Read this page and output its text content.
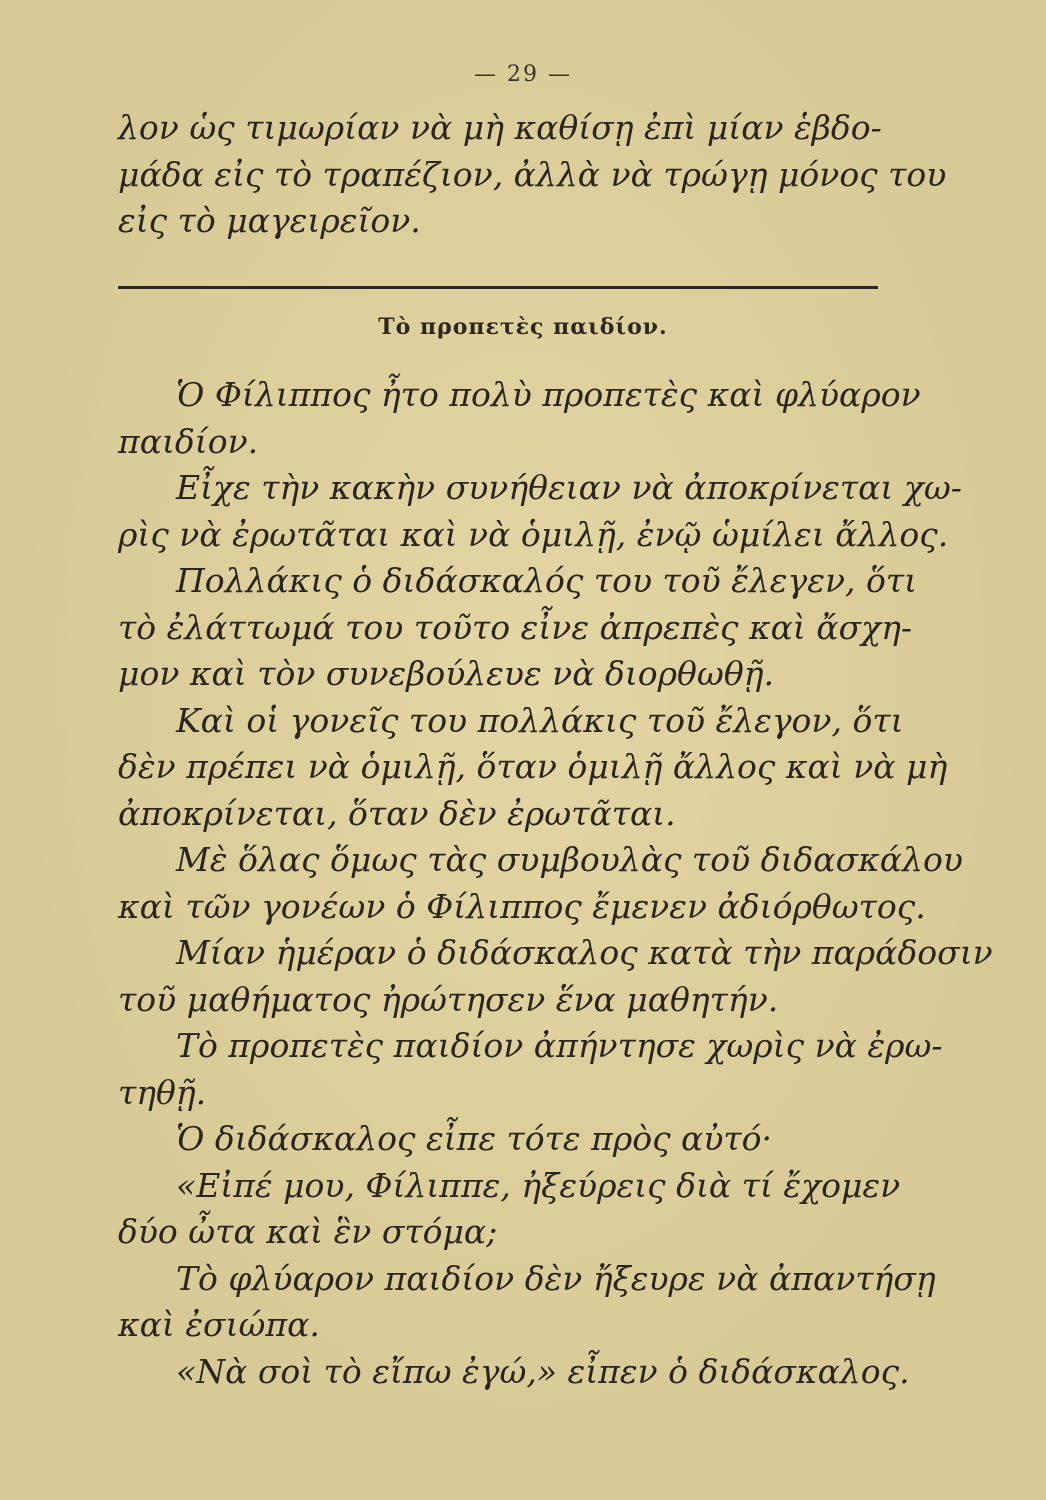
— 29 —
λον ὡς τιμωρίαν νὰ μὴ καθίσῃ ἐπὶ μίαν ἑβδο-
μάδα εἰς τὸ τραπέζιον, ἀλλὰ νὰ τρώγῃ μόνος του
εἰς τὸ μαγειρεῖον.
Τὸ προπετὲς παιδίον.
Ὁ Φίλιππος ἦτο πολὺ προπετὲς καὶ φλύαρον
παιδίον.
Εἶχε τὴν κακὴν συνήθειαν νὰ ἀποκρίνεται χω-
ρὶς νὰ ἐρωτᾶται καὶ νὰ ὁμιλῇ, ἐνῷ ὡμίλει ἄλλος.
Πολλάκις ὁ διδάσκαλός του τοῦ ἔλεγεν, ὅτι
τὸ ἐλάττωμά του τοῦτο εἶνε ἀπρεπὲς καὶ ἄσχη-
μον καὶ τὸν συνεβούλευε νὰ διορθωθῇ.
Καὶ οἱ γονεῖς του πολλάκις τοῦ ἔλεγον, ὅτι
δὲν πρέπει νὰ ὁμιλῇ, ὅταν ὁμιλῇ ἄλλος καὶ νὰ μὴ
ἀποκρίνεται, ὅταν δὲν ἐρωτᾶται.
Μὲ ὅλας ὅμως τὰς συμβουλὰς τοῦ διδασκάλου
καὶ τῶν γονέων ὁ Φίλιππος ἔμενεν ἀδιόρθωτος.
Μίαν ἡμέραν ὁ διδάσκαλος κατὰ τὴν παράδοσιν
τοῦ μαθήματος ἠρώτησεν ἕνα μαθητήν.
Τὸ προπετὲς παιδίον ἀπήντησε χωρὶς νὰ ἐρω-
τηθῇ.
Ὁ διδάσκαλος εἶπε τότε πρὸς αὐτό·
«Εἰπέ μου, Φίλιππε, ἠξεύρεις διὰ τί ἔχομεν
δύο ὦτα καὶ ἓν στόμα;
Τὸ φλύαρον παιδίον δὲν ἤξευρε νὰ ἀπαντήσῃ
καὶ ἐσιώπα.
«Νὰ σοὶ τὸ εἴπω ἐγώ,» εἶπεν ὁ διδάσκαλος.
